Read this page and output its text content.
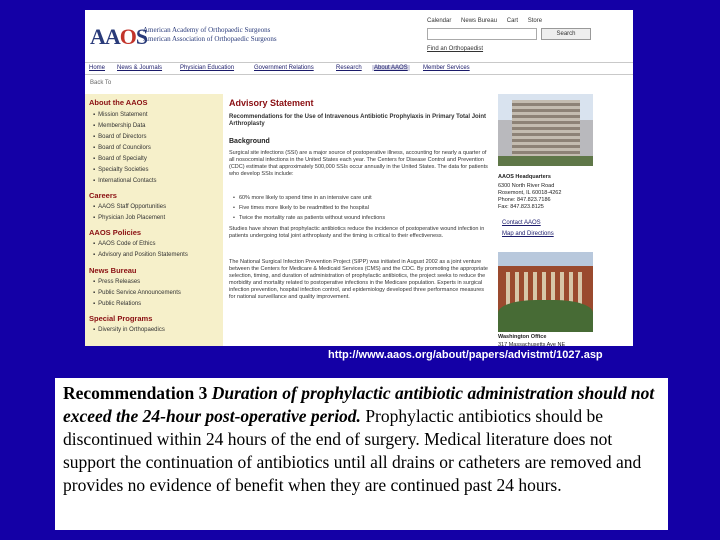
AAOS
American Academy of Orthopaedic Surgeons
American Association of Orthopaedic Surgeons
Calendar News Bureau Cart Store
Search
Find an Orthopaedist
Home News & Journals	Physician Education	Government Relations	Research	About AAOS	Member Services
Back To
About the AAOS
▪ Mission Statement
▪ Membership Data
▪ Board of Directors
▪ Board of Councilors
▪ Board of Specialty
▪ Specialty Societies
▪ International Contacts
Careers
▪ AAOS Staff Opportunities
▪ Physician Job Placement
AAOS Policies
▪ AAOS Code of Ethics
▪ Advisory and Position Statements
News Bureau
▪ Press Releases
▪ Public Service Announcements
▪ Public Relations
Special Programs
▪ Diversity in Orthopaedics
Advisory Statement
Recommendations for the Use of Intravenous Antibiotic Prophylaxis in Primary Total Joint Arthroplasty
Background
Surgical site infections (SSI) are a major source of postoperative illness, accounting for nearly a quarter of all nosocomial infections in the United States each year. The Centers for Disease Control and Prevention (CDC) estimate that approximately 500,000 SSIs occur annually in the United States. The data for patients who develop SSIs include:
• 60% more likely to spend time in an intensive care unit
• Five times more likely to be readmitted to the hospital
• Twice the mortality rate as patients without wound infections
Studies have shown that prophylactic antibiotics reduce the incidence of postoperative wound infection in patients undergoing total joint arthroplasty and the timing is critical to their effectiveness.
The National Surgical Infection Prevention Project (SIPP) was initiated in August 2002 as a joint venture between the Centers for Medicare & Medicaid Services (CMS) and the CDC. By promoting the appropriate selection, timing, and duration of administration of prophylactic antibiotics, the project seeks to reduce the morbidity and mortality related to postoperative infections in the Medicare population. Experts in surgical infection prevention, hospital infection control, and epidemiology developed three performance measures for national surveillance and quality improvement.
AAOS Headquarters
6300 North River Road
Rosemont, IL 60018-4262
Phone: 847.823.7186
Fax: 847.823.8125
Contact AAOS
Map and Directions
Washington Office
317 Massachusetts Ave NE
http://www.aaos.org/about/papers/advistmt/1027.asp
Recommendation 3 Duration of prophylactic antibiotic administration should not exceed the 24-hour post-operative period. Prophylactic antibiotics should be discontinued within 24 hours of the end of surgery. Medical literature does not support the continuation of antibiotics until all drains or catheters are removed and provides no evidence of benefit when they are continued past 24 hours.
